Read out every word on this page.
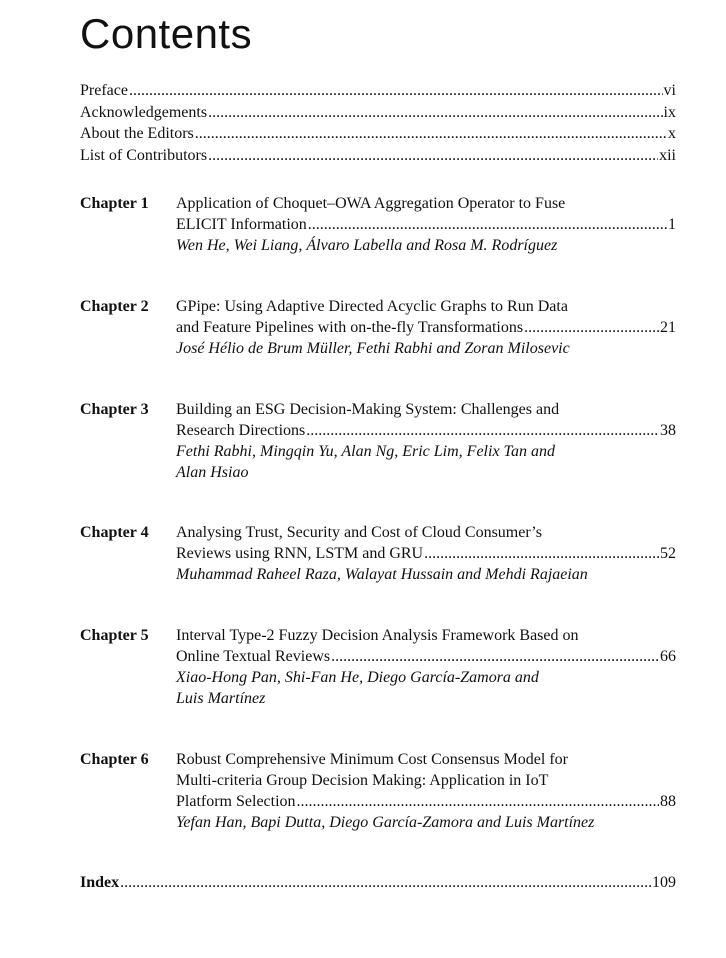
Contents
Preface .....	vi
Acknowledgements .....	ix
About the Editors .....	x
List of Contributors .....	xii
Chapter 1 Application of Choquet–OWA Aggregation Operator to Fuse
ELICIT Information .....	1
Wen He, Wei Liang, Álvaro Labella and Rosa M. Rodríguez
Chapter 2 GPipe: Using Adaptive Directed Acyclic Graphs to Run Data
and Feature Pipelines with on-the-fly Transformations .....	21
José Hélio de Brum Müller, Fethi Rabhi and Zoran Milosevic
Chapter 3 Building an ESG Decision-Making System: Challenges and
Research Directions .....	38
Fethi Rabhi, Mingqin Yu, Alan Ng, Eric Lim, Felix Tan and
Alan Hsiao
Chapter 4 Analysing Trust, Security and Cost of Cloud Consumer’s
Reviews using RNN, LSTM and GRU .....	52
Muhammad Raheel Raza, Walayat Hussain and Mehdi Rajaeian
Chapter 5 Interval Type-2 Fuzzy Decision Analysis Framework Based on
Online Textual Reviews .....	66
Xiao-Hong Pan, Shi-Fan He, Diego García-Zamora and
Luis Martínez
Chapter 6 Robust Comprehensive Minimum Cost Consensus Model for
Multi-criteria Group Decision Making: Application in IoT
Platform Selection .....	88
Yefan Han, Bapi Dutta, Diego García-Zamora and Luis Martínez
Index .....	109
